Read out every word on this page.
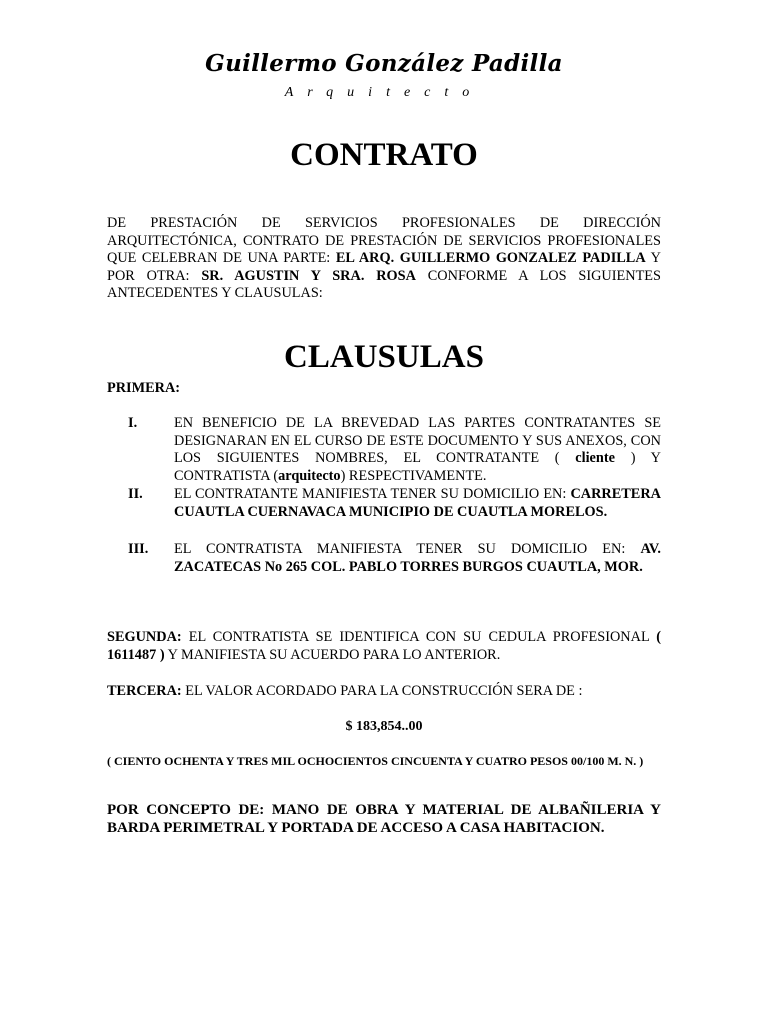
Guillermo González Padilla
Arquitecto
CONTRATO
DE PRESTACIÓN DE SERVICIOS PROFESIONALES DE DIRECCIÓN ARQUITECTÓNICA, CONTRATO DE PRESTACIÓN DE SERVICIOS PROFESIONALES QUE CELEBRAN DE UNA PARTE: EL ARQ. GUILLERMO GONZALEZ PADILLA Y POR OTRA: SR. AGUSTIN Y SRA. ROSA CONFORME A LOS SIGUIENTES ANTECEDENTES Y CLAUSULAS:
CLAUSULAS
PRIMERA:
I.	EN BENEFICIO DE LA BREVEDAD LAS PARTES CONTRATANTES SE DESIGNARAN EN EL CURSO DE ESTE DOCUMENTO Y SUS ANEXOS, CON LOS SIGUIENTES NOMBRES, EL CONTRATANTE ( cliente ) Y CONTRATISTA (arquitecto) RESPECTIVAMENTE.
II. EL CONTRATANTE MANIFIESTA TENER SU DOMICILIO EN: CARRETERA CUAUTLA CUERNAVACA MUNICIPIO DE CUAUTLA MORELOS.
III. EL CONTRATISTA MANIFIESTA TENER SU DOMICILIO EN: AV. ZACATECAS No 265 COL. PABLO TORRES BURGOS CUAUTLA, MOR.
SEGUNDA: EL CONTRATISTA SE IDENTIFICA CON SU CEDULA PROFESIONAL ( 1611487 ) Y MANIFIESTA SU ACUERDO PARA LO ANTERIOR.
TERCERA: EL VALOR ACORDADO PARA LA CONSTRUCCIÓN SERA DE :
$ 183,854..00
( CIENTO OCHENTA Y TRES MIL OCHOCIENTOS CINCUENTA Y CUATRO PESOS 00/100 M. N. )
POR CONCEPTO DE: MANO DE OBRA Y MATERIAL DE ALBAÑILERIA Y BARDA PERIMETRAL Y PORTADA DE ACCESO A CASA HABITACION.
